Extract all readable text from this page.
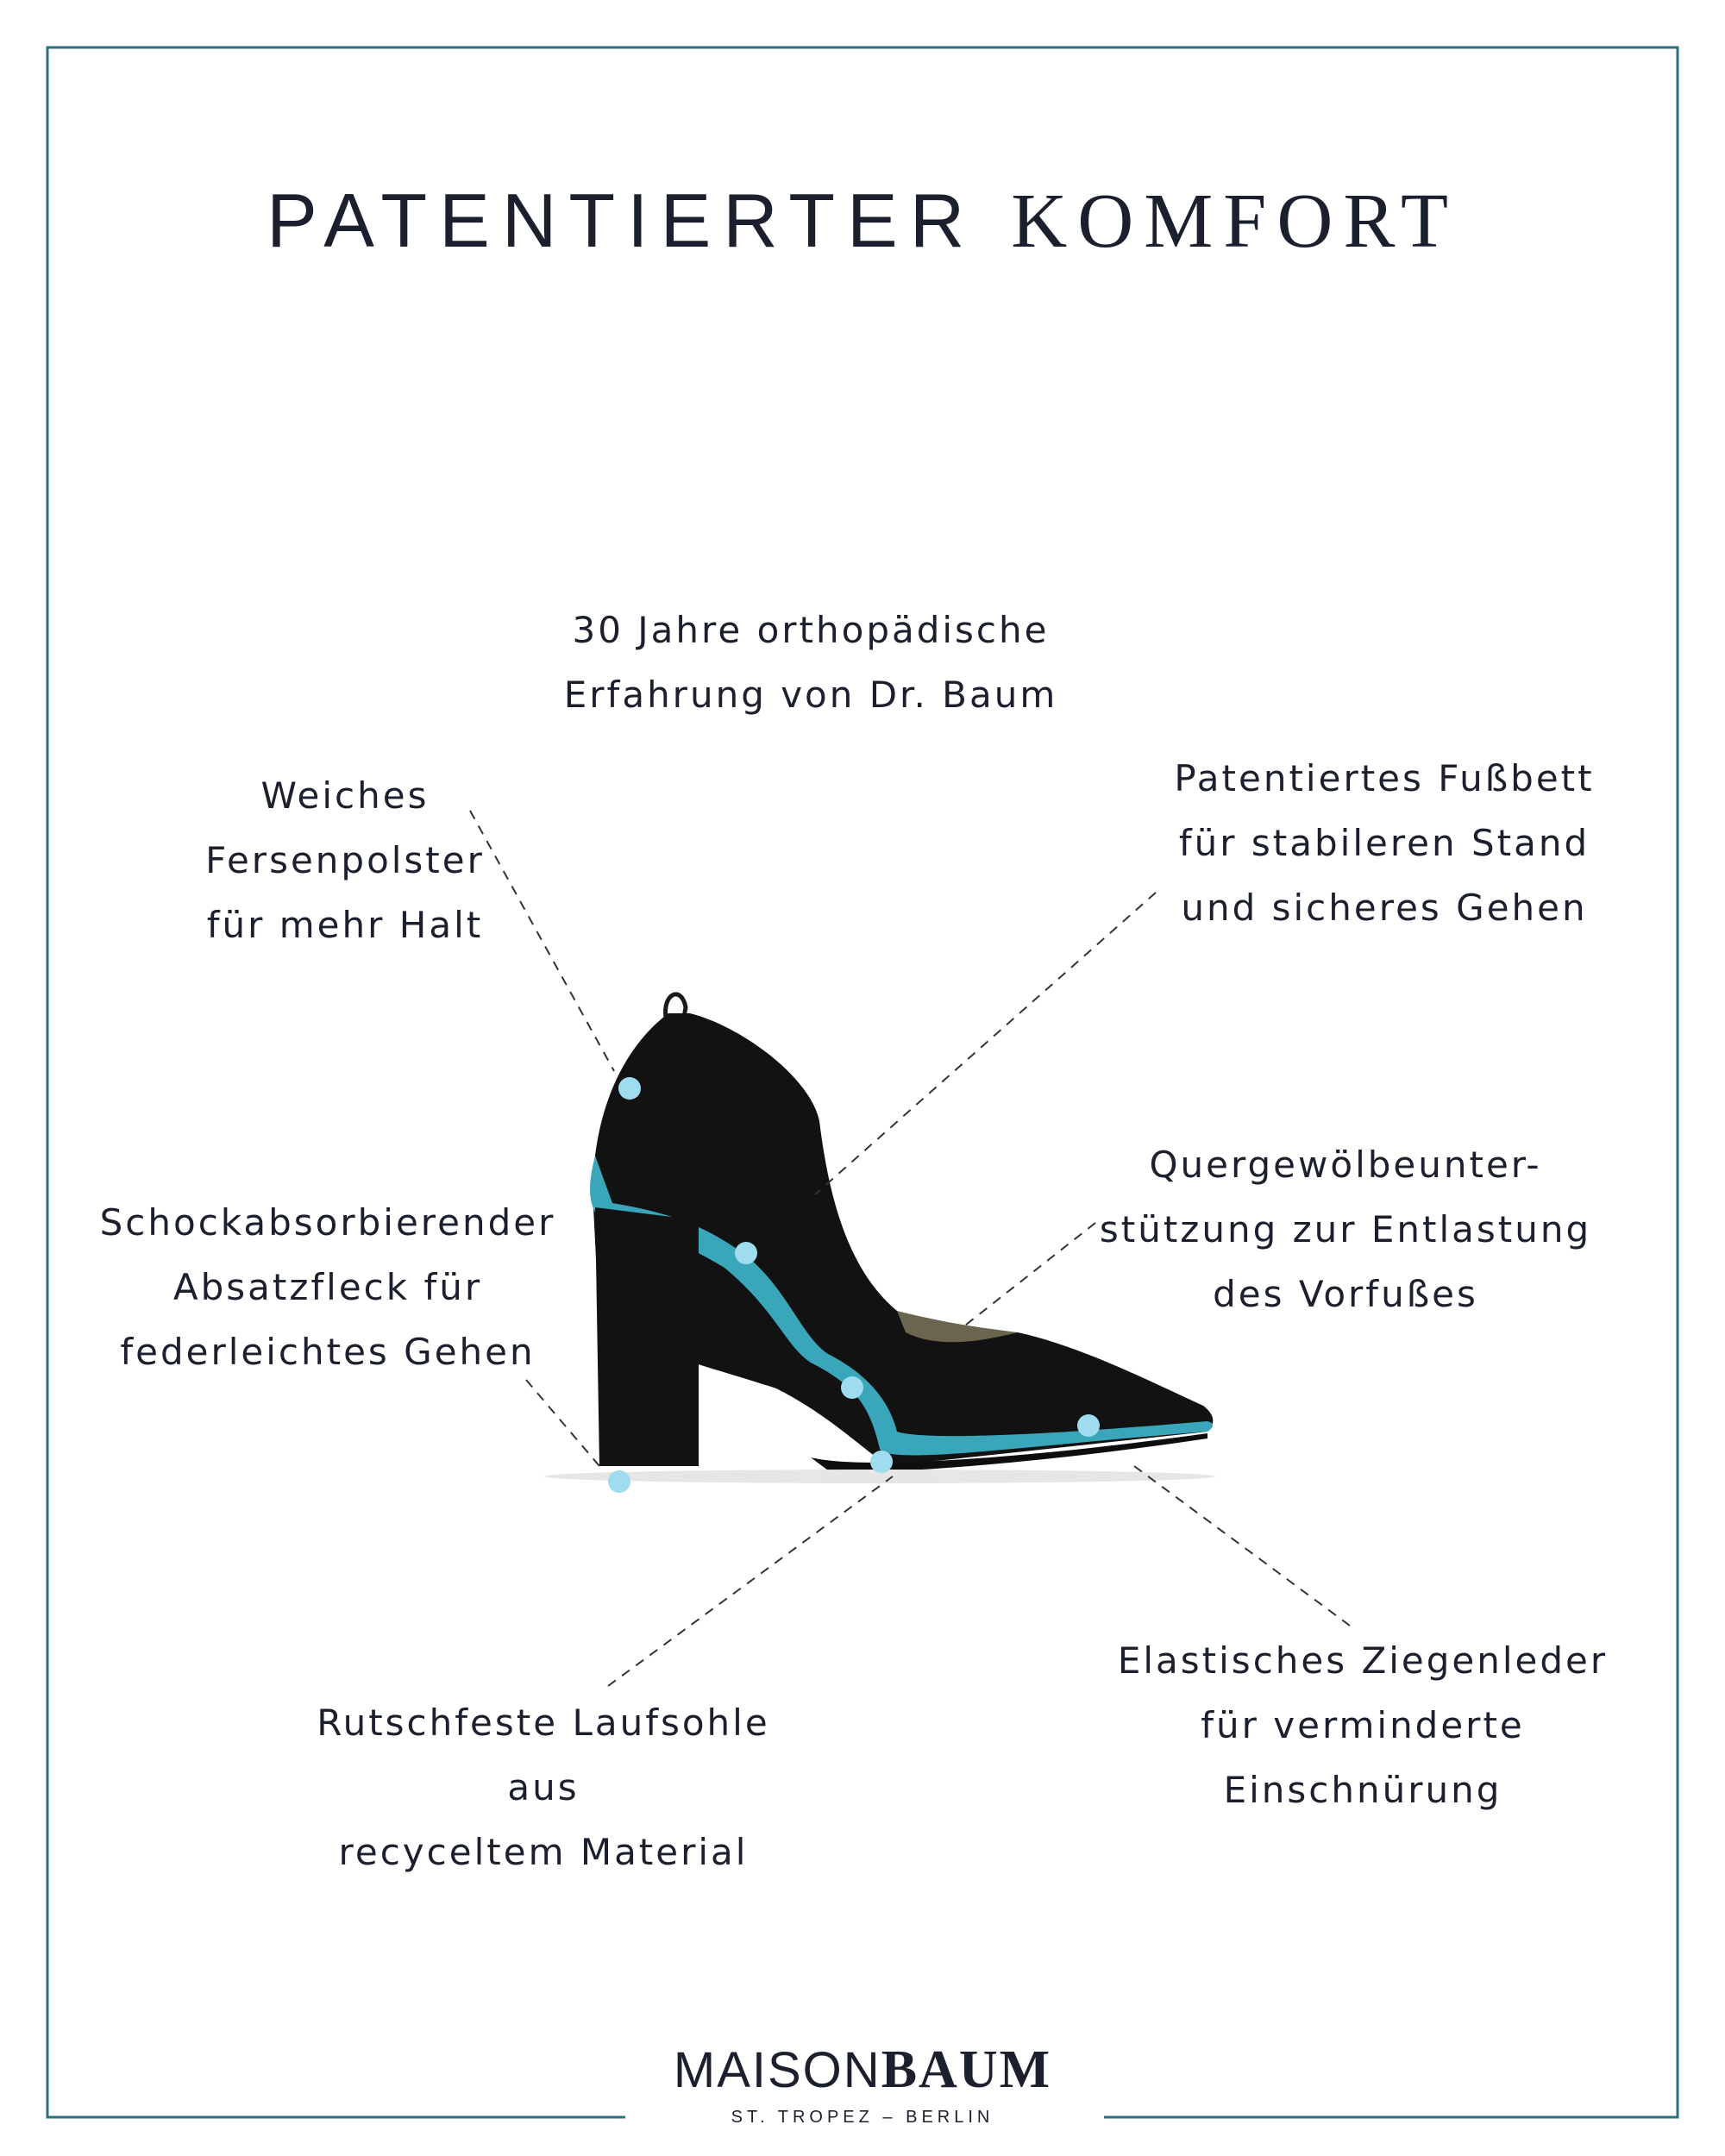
PATENTIERTER KOMFORT
30 Jahre orthopädische
Erfahrung von Dr. Baum
Weiches
Fersenpolster
für mehr Halt
Patentiertes Fußbett
für stabileren Stand
und sicheres Gehen
Quergewölbeunter-
stützung zur Entlastung
des Vorfußes
Schockabsorbierender
Absatzfleck für
federleichtes Gehen
Elastisches Ziegenleder
für verminderte
Einschnürung
Rutschfeste Laufsohle
aus
recyceltem Material
MAISONBAUM
ST. TROPEZ – BERLIN
